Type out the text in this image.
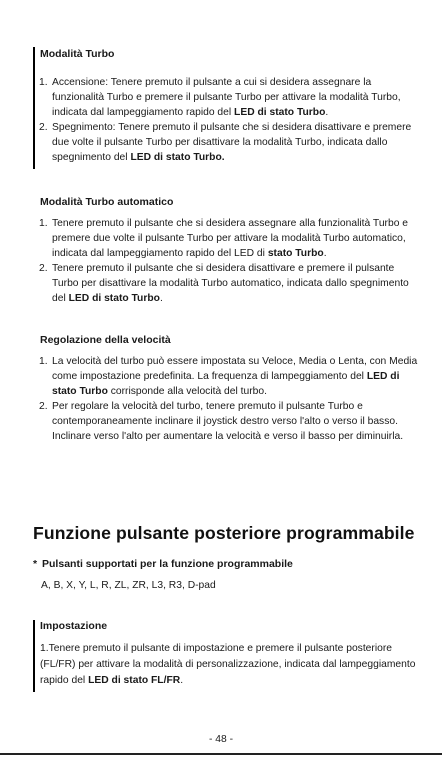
Modalità Turbo
1. Accensione: Tenere premuto il pulsante a cui si desidera assegnare la funzionalità Turbo e premere il pulsante Turbo per attivare la modalità Turbo, indicata dal lampeggiamento rapido del LED di stato Turbo.
2. Spegnimento: Tenere premuto il pulsante che si desidera disattivare e premere due volte il pulsante Turbo per disattivare la modalità Turbo, indicata dallo spegnimento del LED di stato Turbo.
Modalità Turbo automatico
1. Tenere premuto il pulsante che si desidera assegnare alla funzionalità Turbo e premere due volte il pulsante Turbo per attivare la modalità Turbo automatico, indicata dal lampeggiamento rapido del LED di stato Turbo.
2. Tenere premuto il pulsante che si desidera disattivare e premere il pulsante Turbo per disattivare la modalità Turbo automatico, indicata dallo spegnimento del LED di stato Turbo.
Regolazione della velocità
1. La velocità del turbo può essere impostata su Veloce, Media o Lenta, con Media come impostazione predefinita. La frequenza di lampeggiamento del LED di stato Turbo corrisponde alla velocità del turbo.
2. Per regolare la velocità del turbo, tenere premuto il pulsante Turbo e contemporaneamente inclinare il joystick destro verso l'alto o verso il basso. Inclinare verso l'alto per aumentare la velocità e verso il basso per diminuirla.
Funzione pulsante posteriore programmabile
* Pulsanti supportati per la funzione programmabile
A, B, X, Y, L, R, ZL, ZR, L3, R3, D-pad
Impostazione

1.Tenere premuto il pulsante di impostazione e premere il pulsante posteriore (FL/FR) per attivare la modalità di personalizzazione, indicata dal lampeggiamento rapido del LED di stato FL/FR.

- 48 -
